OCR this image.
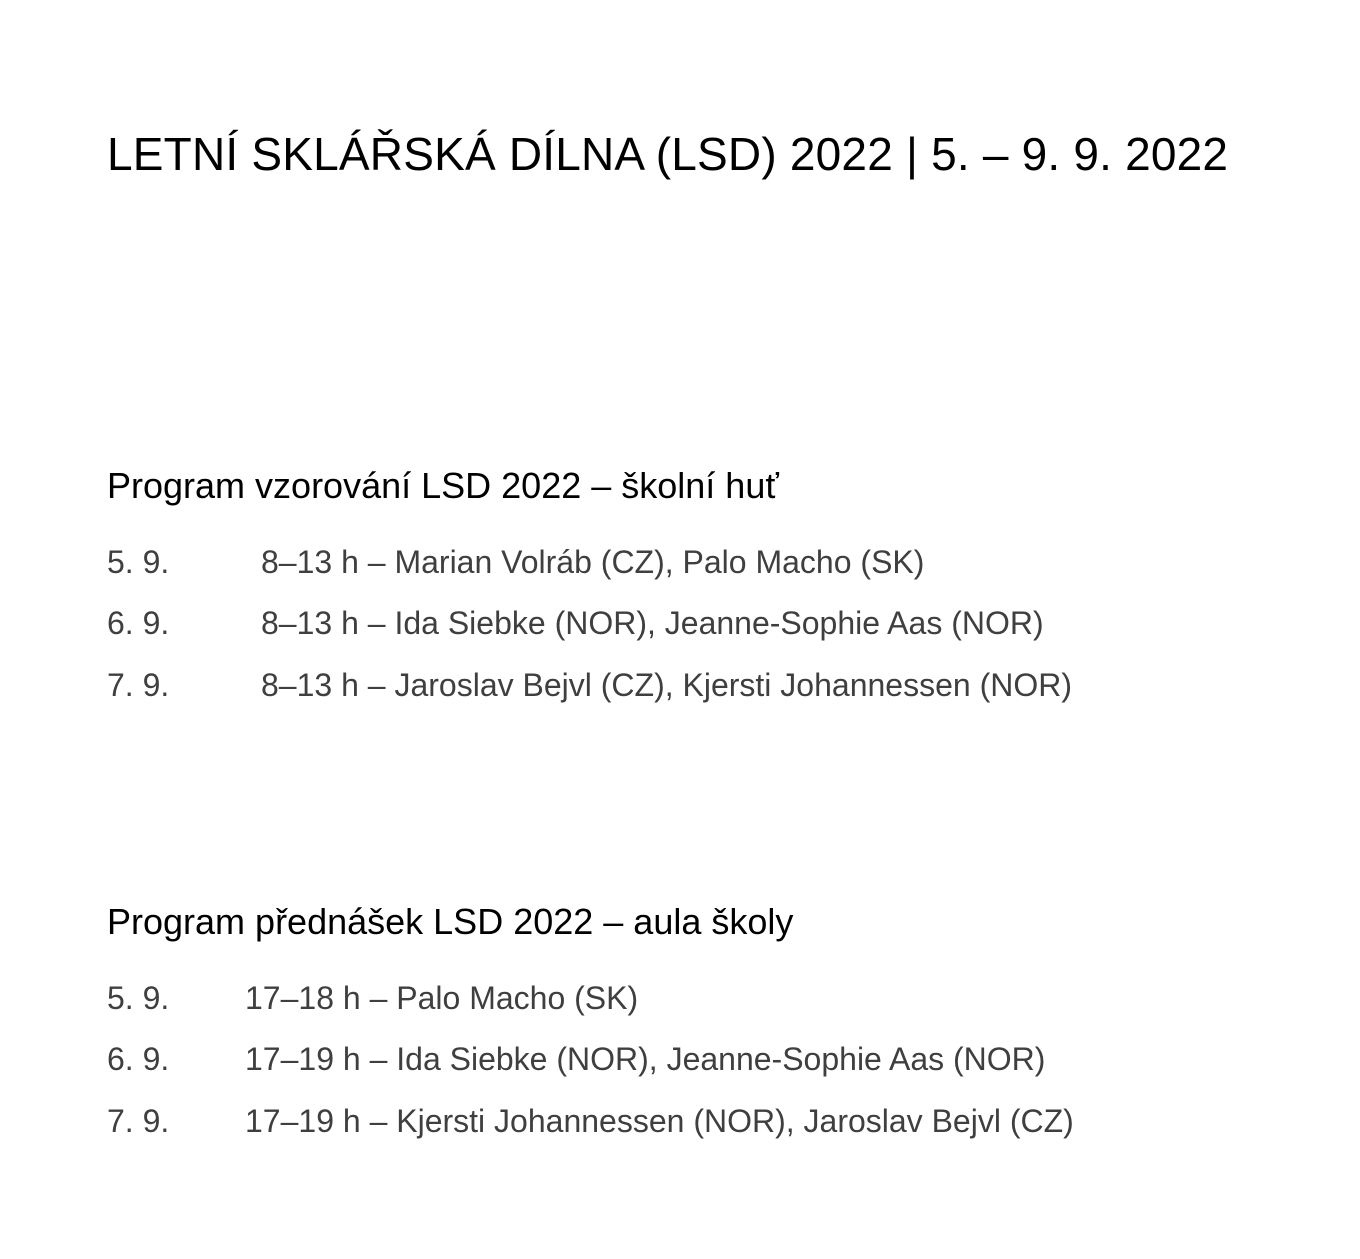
LETNÍ SKLÁŘSKÁ DÍLNA (LSD) 2022 | 5. – 9. 9. 2022
Program vzorování LSD 2022 – školní huť
5. 9.	8–13 h – Marian Volráb (CZ), Palo Macho (SK)
6. 9.	8–13 h – Ida Siebke (NOR), Jeanne-Sophie Aas (NOR)
7. 9.	8–13 h – Jaroslav Bejvl (CZ), Kjersti Johannessen (NOR)
Program přednášek LSD 2022 – aula školy
5. 9. 17–18 h – Palo Macho (SK)
6. 9. 17–19 h – Ida Siebke (NOR), Jeanne-Sophie Aas (NOR)
7. 9. 17–19 h – Kjersti Johannessen (NOR), Jaroslav Bejvl (CZ)
